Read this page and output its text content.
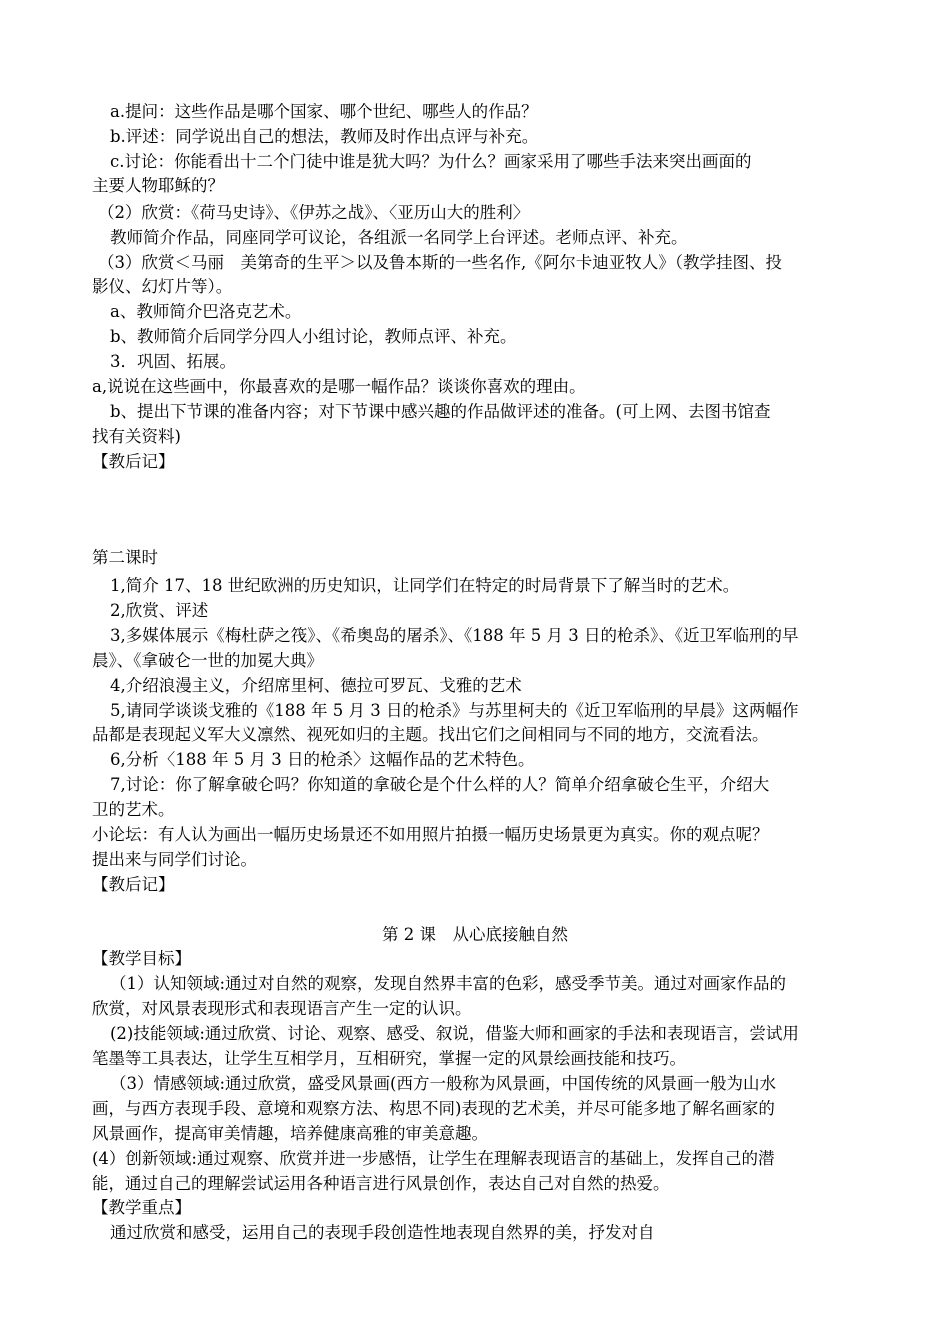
a.提问：这些作品是哪个国家、哪个世纪、哪些人的作品？
b.评述：同学说出自己的想法，教师及时作出点评与补充。
c.讨论：你能看出十二个门徒中谁是犹大吗？为什么？画家采用了哪些手法来突出画面的
主要人物耶稣的？
（2）欣赏：《荷马史诗》、《伊苏之战》、〈亚历山大的胜利〉
教师简介作品，同座同学可议论，各组派一名同学上台评述。老师点评、补充。
（3）欣赏＜马丽　美第奇的生平＞以及鲁本斯的一些名作,《阿尔卡迪亚牧人》（教学挂图、投
影仪、幻灯片等）。
a、教师简介巴洛克艺术。
b、教师简介后同学分四人小组讨论，教师点评、补充。
3．巩固、拓展。
a,说说在这些画中，你最喜欢的是哪一幅作品？谈谈你喜欢的理由。
b、提出下节课的准备内容；对下节课中感兴趣的作品做评述的准备。(可上网、去图书馆查
找有关资料)
【教后记】
第二课时
1,简介 17、18 世纪欧洲的历史知识，让同学们在特定的时局背景下了解当时的艺术。
2,欣赏、评述
3,多媒体展示《梅杜萨之筏》、《希奥岛的屠杀》、《188 年 5 月 3 日的枪杀》、《近卫军临刑的早
晨》、《拿破仑一世的加冕大典》
4,介绍浪漫主义，介绍席里柯、德拉可罗瓦、戈雅的艺术
5,请同学谈谈戈雅的《188 年 5 月 3 日的枪杀》与苏里柯夫的《近卫军临刑的早晨》这两幅作
品都是表现起义军大义凛然、视死如归的主题。找出它们之间相同与不同的地方，交流看法。
6,分析〈188 年 5 月 3 日的枪杀〉这幅作品的艺术特色。
7,讨论：你了解拿破仑吗？你知道的拿破仑是个什么样的人？简单介绍拿破仑生平，介绍大
卫的艺术。
小论坛：有人认为画出一幅历史场景还不如用照片拍摄一幅历史场景更为真实。你的观点呢？
提出来与同学们讨论。
【教后记】
第 2 课　从心底接触自然
【教学目标】
（1）认知领域:通过对自然的观察，发现自然界丰富的色彩，感受季节美。通过对画家作品的
欣赏，对风景表现形式和表现语言产生一定的认识。
(2)技能领域:通过欣赏、讨论、观察、感受、叙说，借鉴大师和画家的手法和表现语言，尝试用
笔墨等工具表达，让学生互相学月，互相研究，掌握一定的风景绘画技能和技巧。
（3）情感领域:通过欣赏，盛受风景画(西方一般称为风景画，中国传统的风景画一般为山水
画，与西方表现手段、意境和观察方法、构思不同)表现的艺术美，并尽可能多地了解名画家的
风景画作，提高审美情趣，培养健康高雅的审美意趣。
(4）创新领域:通过观察、欣赏并进一步感悟，让学生在理解表现语言的基础上，发挥自己的潜
能，通过自己的理解尝试运用各种语言进行风景创作，表达自己对自然的热爱。
【教学重点】
通过欣赏和感受，运用自己的表现手段创造性地表现自然界的美，抒发对自
